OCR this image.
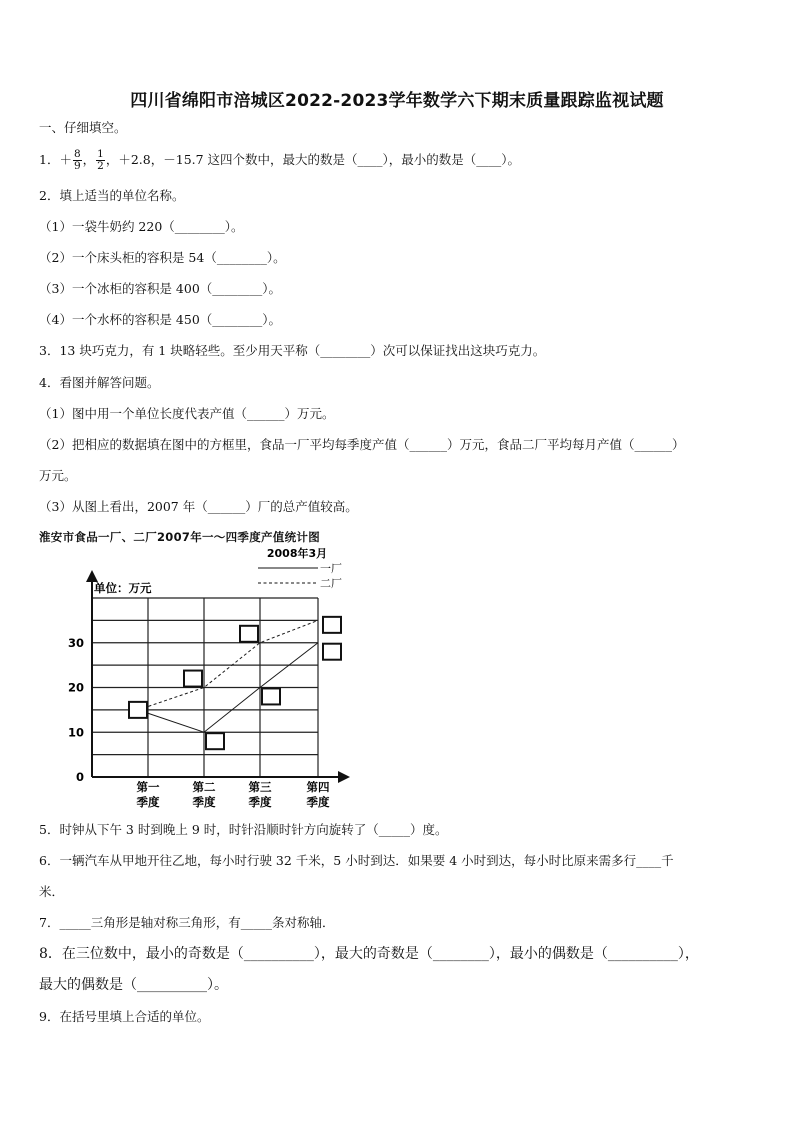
四川省绵阳市涪城区2022-2023学年数学六下期末质量跟踪监视试题
一、仔细填空。
1．＋ $\frac{8}{9}$ ， $\frac{1}{2}$ ，＋2.8，－15.7 这四个数中，最大的数是（____），最小的数是（____）。
2．填上适当的单位名称。
（1）一袋牛奶约 220（________）。
（2）一个床头柜的容积是 54（________）。
（3）一个冰柜的容积是 400（________）。
（4）一个水杯的容积是 450（________）。
3．13 块巧克力，有 1 块略轻些。至少用天平称（________）次可以保证找出这块巧克力。
4．看图并解答问题。
（1）图中用一个单位长度代表产值（______）万元。
（2）把相应的数据填在图中的方框里，食品一厂平均每季度产值（______）万元，食品二厂平均每月产值（______）
万元。
（3）从图上看出，2007 年（______）厂的总产值较高。
淮安市食品一厂、二厂2007年一～四季度产值统计图
2008年3月
一厂
二厂
单位：万元
0
10
20
30
第一
季度
第二
季度
第三
季度
第四
季度
5．时钟从下午 3 时到晚上 9 时，时针沿顺时针方向旋转了（_____）度。
6．一辆汽车从甲地开往乙地，每小时行驶 32 千米，5 小时到达．如果要 4 小时到达，每小时比原来需多行____千
米．
7．_____三角形是轴对称三角形，有_____条对称轴．
8．在三位数中，最小的奇数是（__________），最大的奇数是（________），最小的偶数是（__________），
最大的偶数是（__________）。
9．在括号里填上合适的单位。
